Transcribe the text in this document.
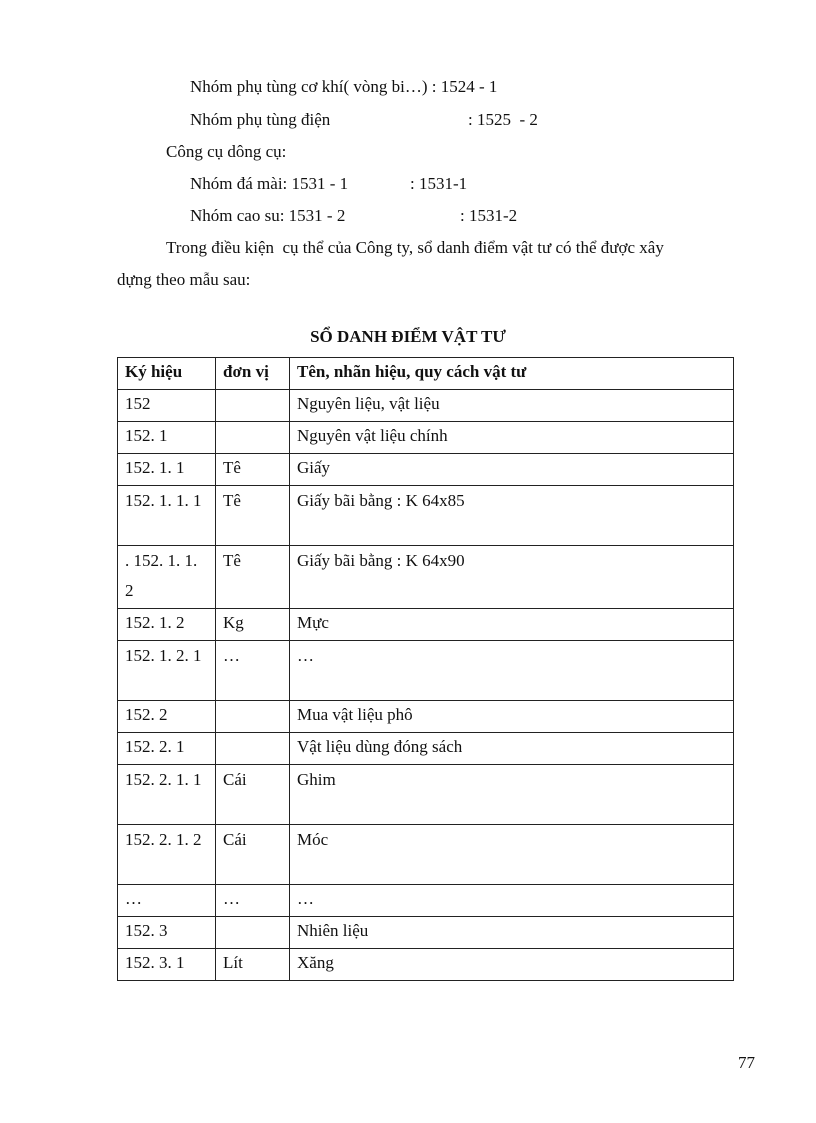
Nhóm phụ tùng cơ khí( vòng bi…) : 1524 - 1
Nhóm phụ tùng điện	: 1525  - 2
Công cụ dông cụ:
Nhóm đá mài: 1531 - 1	: 1531-1
Nhóm cao su: 1531 - 2	: 1531-2
Trong điều kiện  cụ thể của Công ty, sổ danh điểm vật tư có thể được xây
dựng theo mẫu sau:
SỔ DANH ĐIỂM VẬT TƯ
Ký hiệu	đơn vị	Tên, nhãn hiệu, quy cách vật tư
152		Nguyên liệu, vật liệu
152. 1		Nguyên vật liệu chính
152. 1. 1	Tê	Giấy
152. 1. 1. 1	Tê	Giấy bãi bằng : K 64x85
. 152. 1. 1. 2	Tê	Giấy bãi bằng : K 64x90
152. 1. 2	Kg	Mực
152. 1. 2. 1	…	…
152. 2		Mua vật liệu phô
152. 2. 1		Vật liệu dùng đóng sách
152. 2. 1. 1	Cái	Ghim
152. 2. 1. 2	Cái	Móc
…	…	…
152. 3		Nhiên liệu
152. 3. 1	Lít	Xăng
77
